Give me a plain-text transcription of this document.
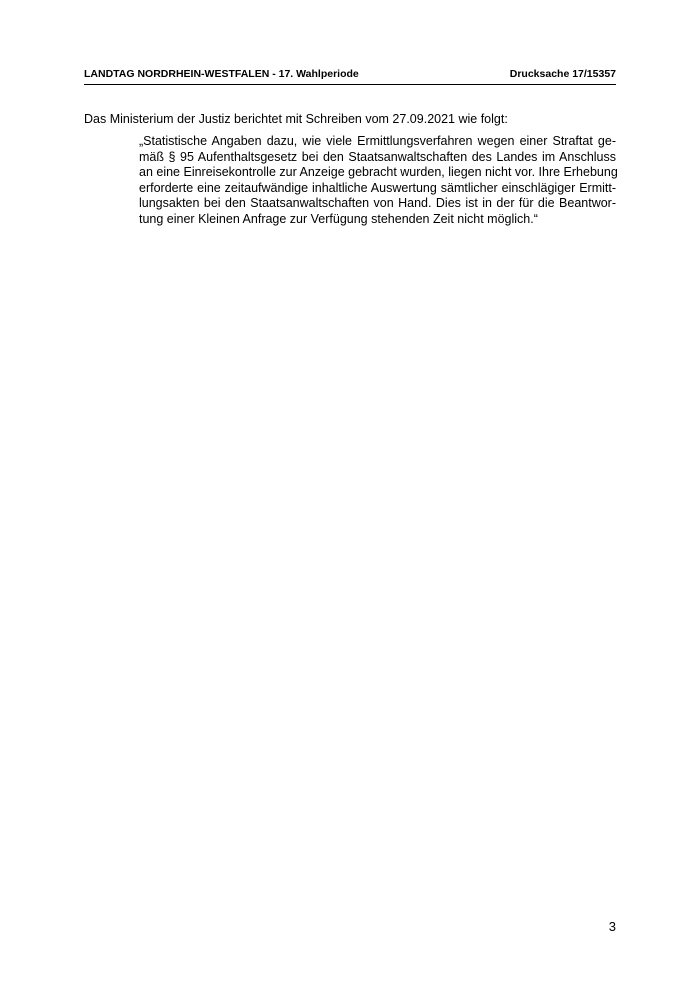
LANDTAG NORDRHEIN-WESTFALEN - 17. Wahlperiode	Drucksache 17/15357

Das Ministerium der Justiz berichtet mit Schreiben vom 27.09.2021 wie folgt:

„Statistische Angaben dazu, wie viele Ermittlungsverfahren wegen einer Straftat ge-
mäß § 95 Aufenthaltsgesetz bei den Staatsanwaltschaften des Landes im Anschluss
an eine Einreisekontrolle zur Anzeige gebracht wurden, liegen nicht vor. Ihre Erhebung
erforderte eine zeitaufwändige inhaltliche Auswertung sämtlicher einschlägiger Ermitt-
lungsakten bei den Staatsanwaltschaften von Hand. Dies ist in der für die Beantwor-
tung einer Kleinen Anfrage zur Verfügung stehenden Zeit nicht möglich.“
3
